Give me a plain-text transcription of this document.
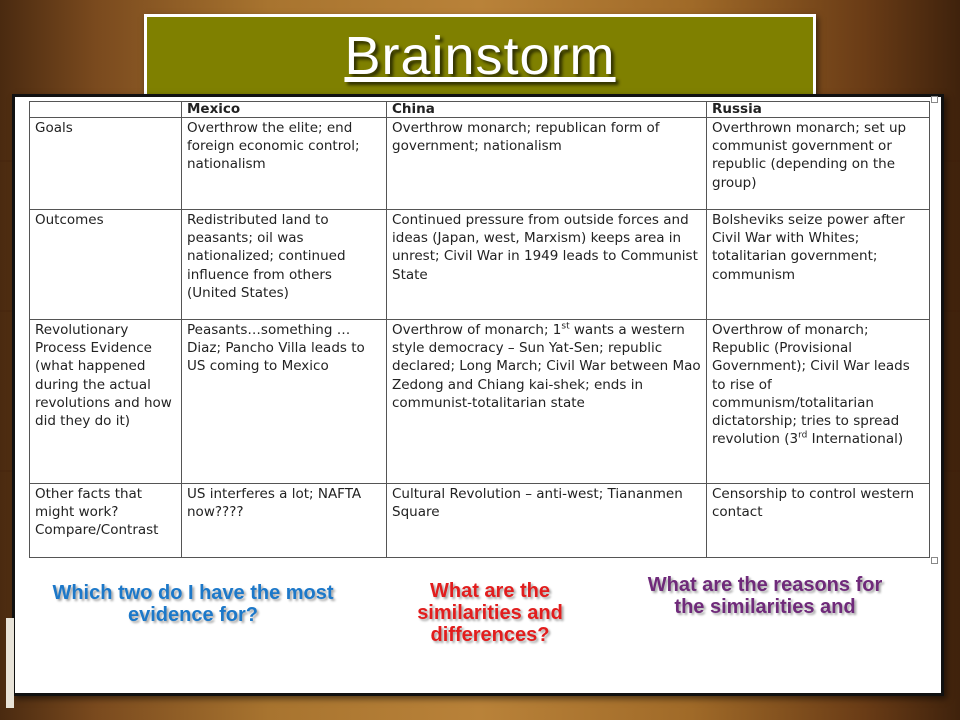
Brainstorm
	Mexico	China	Russia
Goals	Overthrow the elite; end foreign economic control; nationalism	Overthrow monarch; republican form of government; nationalism	Overthrown monarch; set up communist government or republic (depending on the group)
Outcomes	Redistributed land to peasants; oil was nationalized; continued influence from others (United States)	Continued pressure from outside forces and ideas (Japan, west, Marxism) keeps area in unrest; Civil War in 1949 leads to Communist State	Bolsheviks seize power after Civil War with Whites; totalitarian government; communism
Revolutionary Process Evidence (what happened during the actual revolutions and how did they do it)	Peasants…something … Diaz; Pancho Villa leads to US coming to Mexico	Overthrow of monarch; 1st wants a western style democracy – Sun Yat-Sen; republic declared; Long March; Civil War between Mao Zedong and Chiang kai-shek; ends in communist-totalitarian state	Overthrow of monarch; Republic (Provisional Government); Civil War leads to rise of communism/totalitarian dictatorship; tries to spread revolution (3rd International)
Other facts that might work? Compare/Contrast	US interferes a lot; NAFTA now????	Cultural Revolution – anti-west; Tiananmen Square	Censorship to control western contact
Which two do I have the most evidence for?
What are the similarities and differences?
What are the reasons for the similarities and
